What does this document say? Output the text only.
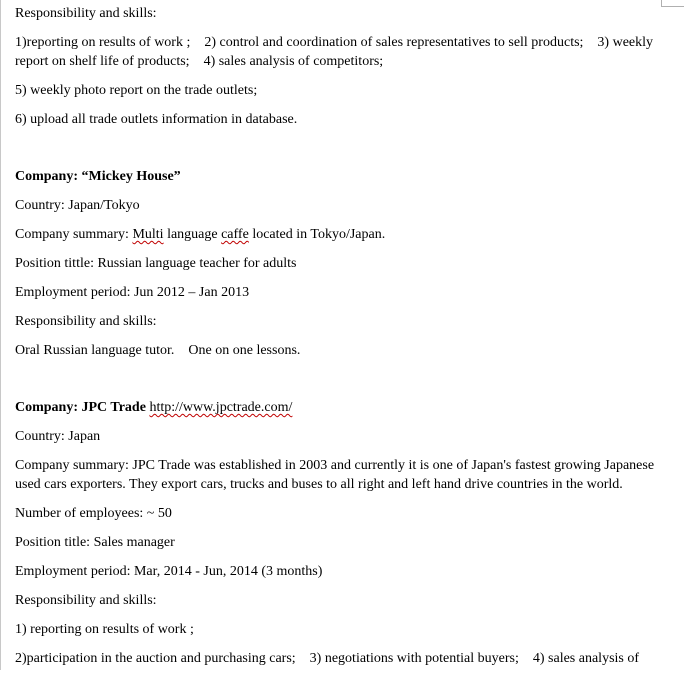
Responsibility and skills:

1)reporting on results of work ;    2) control and coordination of sales representatives to sell products;    3) weekly report on shelf life of products;    4) sales analysis of competitors;

5) weekly photo report on the trade outlets;

6) upload all trade outlets information in database.

Company: “Mickey House”

Country: Japan/Tokyo

Company summary: Multi language caffe located in Tokyo/Japan.

Position tittle: Russian language teacher for adults

Employment period: Jun 2012 – Jan 2013

Responsibility and skills:

Oral Russian language tutor.    One on one lessons.

Company: JPC Trade http://www.jpctrade.com/

Country: Japan

Company summary: JPC Trade was established in 2003 and currently it is one of Japan's fastest growing Japanese used cars exporters. They export cars, trucks and buses to all right and left hand drive countries in the world.

Number of employees: ~ 50

Position title: Sales manager

Employment period: Mar, 2014 - Jun, 2014 (3 months)

Responsibility and skills:

1) reporting on results of work ;

2)participation in the auction and purchasing cars;    3) negotiations with potential buyers;    4) sales analysis of
